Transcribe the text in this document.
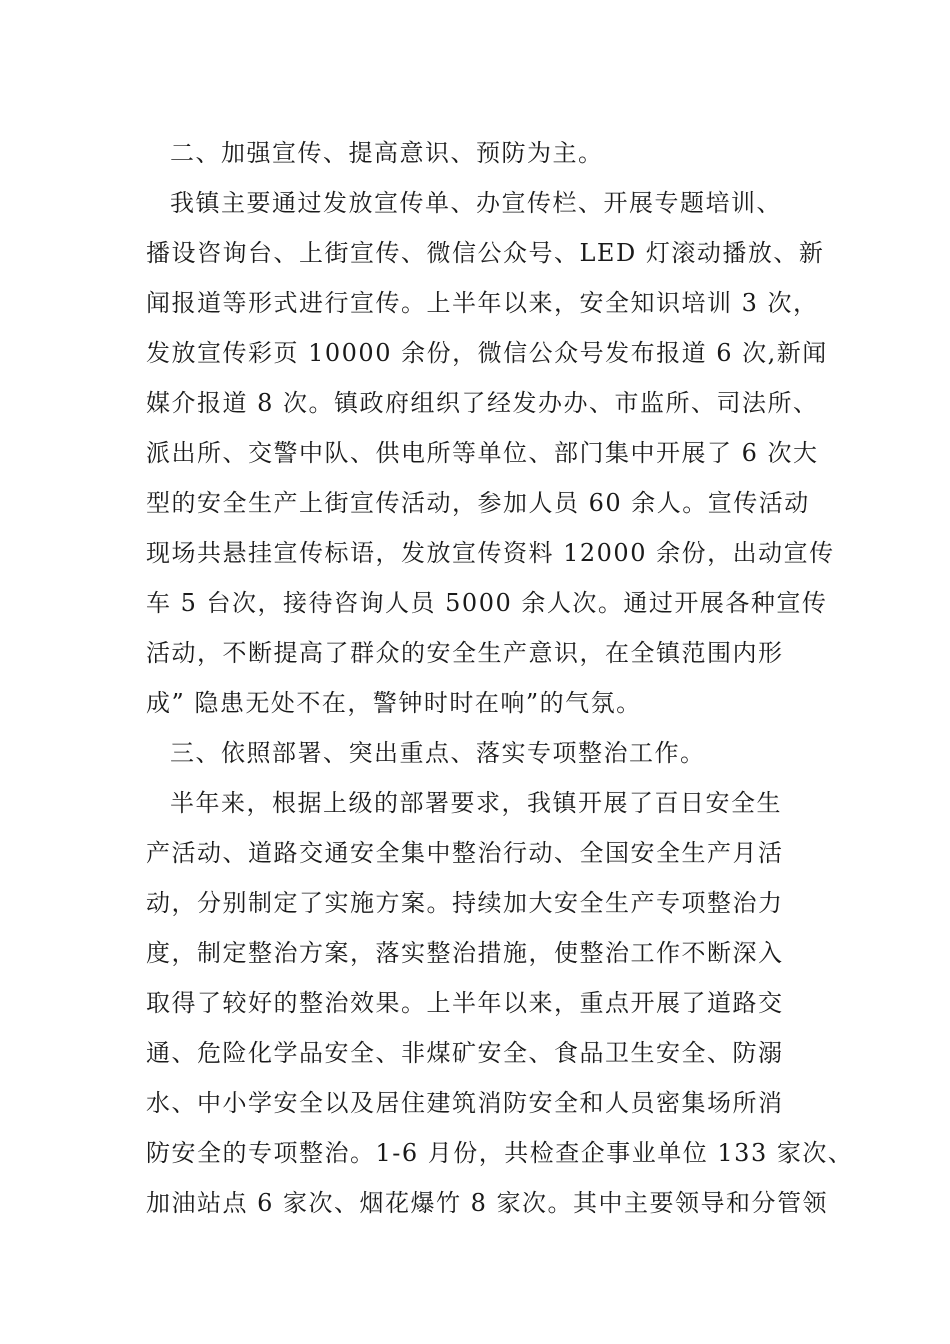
二、加强宣传、提高意识、预防为主。
我镇主要通过发放宣传单、办宣传栏、开展专题培训、
播设咨询台、上街宣传、微信公众号、LED 灯滚动播放、新
闻报道等形式进行宣传。上半年以来，安全知识培训 3 次，
发放宣传彩页 10000 余份，微信公众号发布报道 6 次,新闻
媒介报道 8 次。镇政府组织了经发办办、市监所、司法所、
派出所、交警中队、供电所等单位、部门集中开展了 6 次大
型的安全生产上街宣传活动，参加人员 60 余人。宣传活动
现场共悬挂宣传标语，发放宣传资料 12000 余份，出动宣传
车 5 台次，接待咨询人员 5000 余人次。通过开展各种宣传
活动，不断提高了群众的安全生产意识，在全镇范围内形
成” 隐患无处不在，警钟时时在响”的气氛。
三、依照部署、突出重点、落实专项整治工作。
半年来，根据上级的部署要求，我镇开展了百日安全生
产活动、道路交通安全集中整治行动、全国安全生产月活
动，分别制定了实施方案。持续加大安全生产专项整治力
度，制定整治方案，落实整治措施，使整治工作不断深入
取得了较好的整治效果。上半年以来，重点开展了道路交
通、危险化学品安全、非煤矿安全、食品卫生安全、防溺
水、中小学安全以及居住建筑消防安全和人员密集场所消
防安全的专项整治。1-6 月份，共检查企事业单位 133 家次、
加油站点 6 家次、烟花爆竹 8 家次。其中主要领导和分管领
